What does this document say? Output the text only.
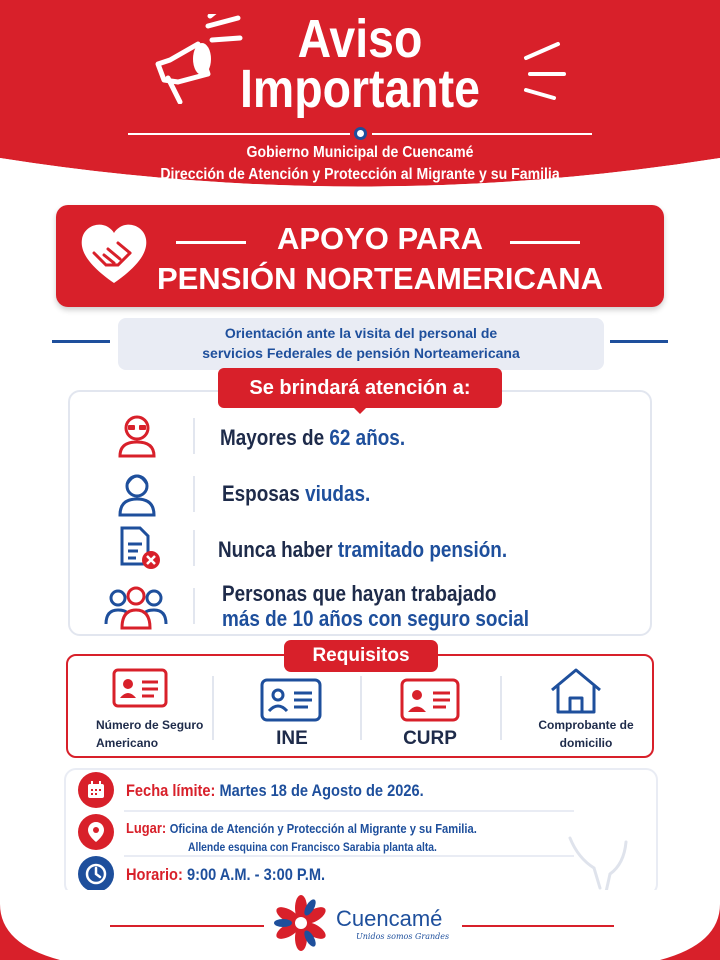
Aviso
Importante
Gobierno Municipal de Cuencamé
Dirección de Atención y Protección al Migrante y su Familia
APOYO PARA
PENSIÓN NORTEAMERICANA
Orientación ante la visita del personal de
servicios Federales de pensión Norteamericana
Se brindará atención a:
Mayores de 62 años.
Esposas viudas.
Nunca haber tramitado pensión.
Personas que hayan trabajado
más de 10 años con seguro social
Requisitos
Número de Seguro Americano	INE	CURP
Comprobante de domicilio
Fecha límite: Martes 18 de Agosto de 2026.
Lugar: Oficina de Atención y Protección al Migrante y su Familia.
Allende esquina con Francisco Sarabia planta alta.
Horario: 9:00 A.M. - 3:00 P.M.
Cuencamé
Unidos somos Grandes
